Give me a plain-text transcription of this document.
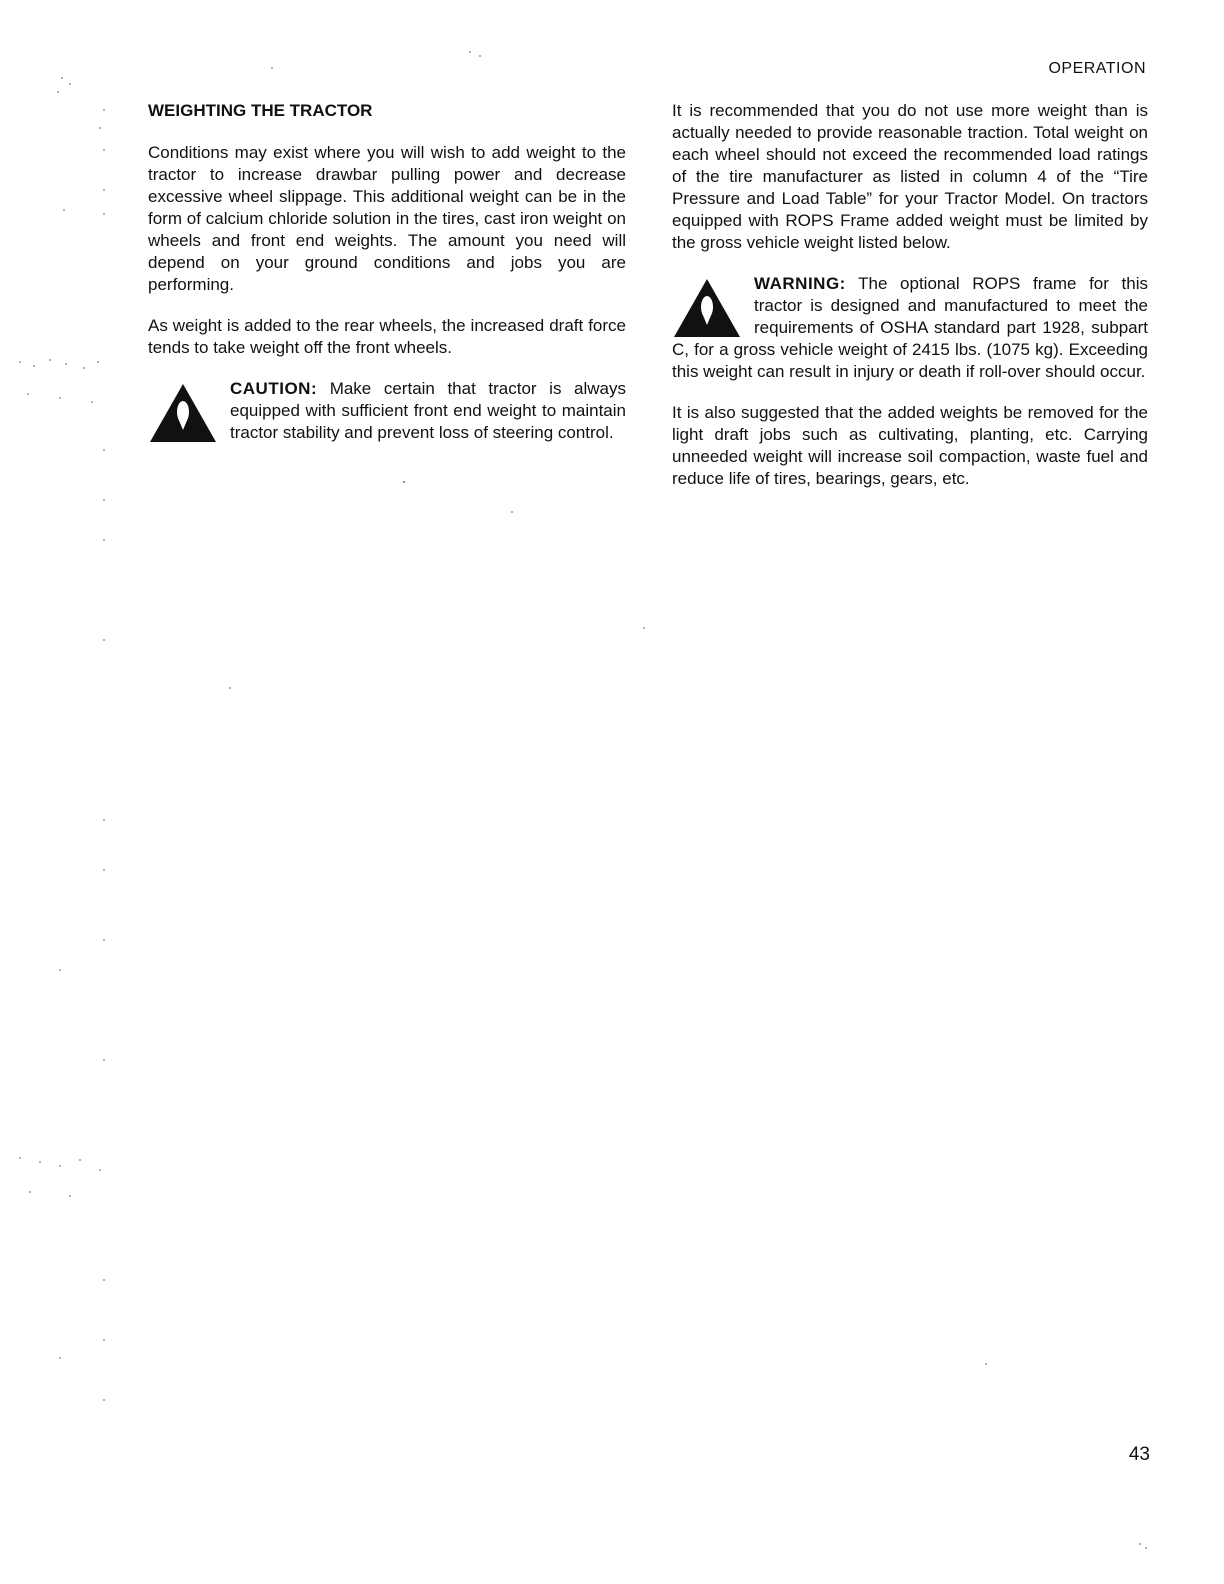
OPERATION
WEIGHTING THE TRACTOR

Conditions may exist where you will wish to add weight to the tractor to increase drawbar pulling power and decrease excessive wheel slippage. This additional weight can be in the form of calcium chloride solution in the tires, cast iron weight on wheels and front end weights. The amount you need will depend on your ground conditions and jobs you are performing.

As weight is added to the rear wheels, the increased draft force tends to take weight off the front wheels.

CAUTION: Make certain that tractor is always equipped with sufficient front end weight to maintain tractor stability and prevent loss of steering control.

It is recommended that you do not use more weight than is actually needed to provide reasonable traction. Total weight on each wheel should not exceed the recommended load ratings of the tire manufacturer as listed in column 4 of the “Tire Pressure and Load Table” for your Tractor Model. On tractors equipped with ROPS Frame added weight must be limited by the gross vehicle weight listed below.

WARNING: The optional ROPS frame for this tractor is designed and manufactured to meet the requirements of OSHA standard part 1928, subpart C, for a gross vehicle weight of 2415 lbs. (1075 kg). Exceeding this weight can result in injury or death if roll-over should occur.

It is also suggested that the added weights be removed for the light draft jobs such as cultivating, planting, etc. Carrying unneeded weight will increase soil compaction, waste fuel and reduce life of tires, bearings, gears, etc.

43
